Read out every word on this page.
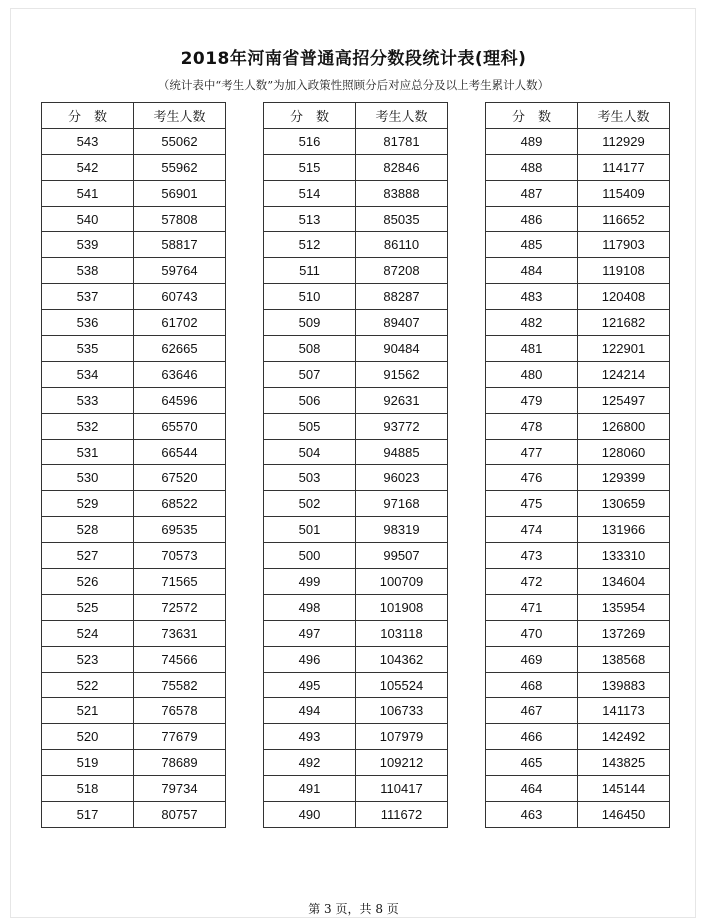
2018年河南省普通高招分数段统计表(理科)
（统计表中“考生人数”为加入政策性照顾分后对应总分及以上考生累计人数）
分　数	考生人数
543	55062
542	55962
541	56901
540	57808
539	58817
538	59764
537	60743
536	61702
535	62665
534	63646
533	64596
532	65570
531	66544
530	67520
529	68522
528	69535
527	70573
526	71565
525	72572
524	73631
523	74566
522	75582
521	76578
520	77679
519	78689
518	79734
517	80757
分　数	考生人数
516	81781
515	82846
514	83888
513	85035
512	86110
511	87208
510	88287
509	89407
508	90484
507	91562
506	92631
505	93772
504	94885
503	96023
502	97168
501	98319
500	99507
499	100709
498	101908
497	103118
496	104362
495	105524
494	106733
493	107979
492	109212
491	110417
490	111672
分　数	考生人数
489	112929
488	114177
487	115409
486	116652
485	117903
484	119108
483	120408
482	121682
481	122901
480	124214
479	125497
478	126800
477	128060
476	129399
475	130659
474	131966
473	133310
472	134604
471	135954
470	137269
469	138568
468	139883
467	141173
466	142492
465	143825
464	145144
463	146450
第 3 页，共 8 页
